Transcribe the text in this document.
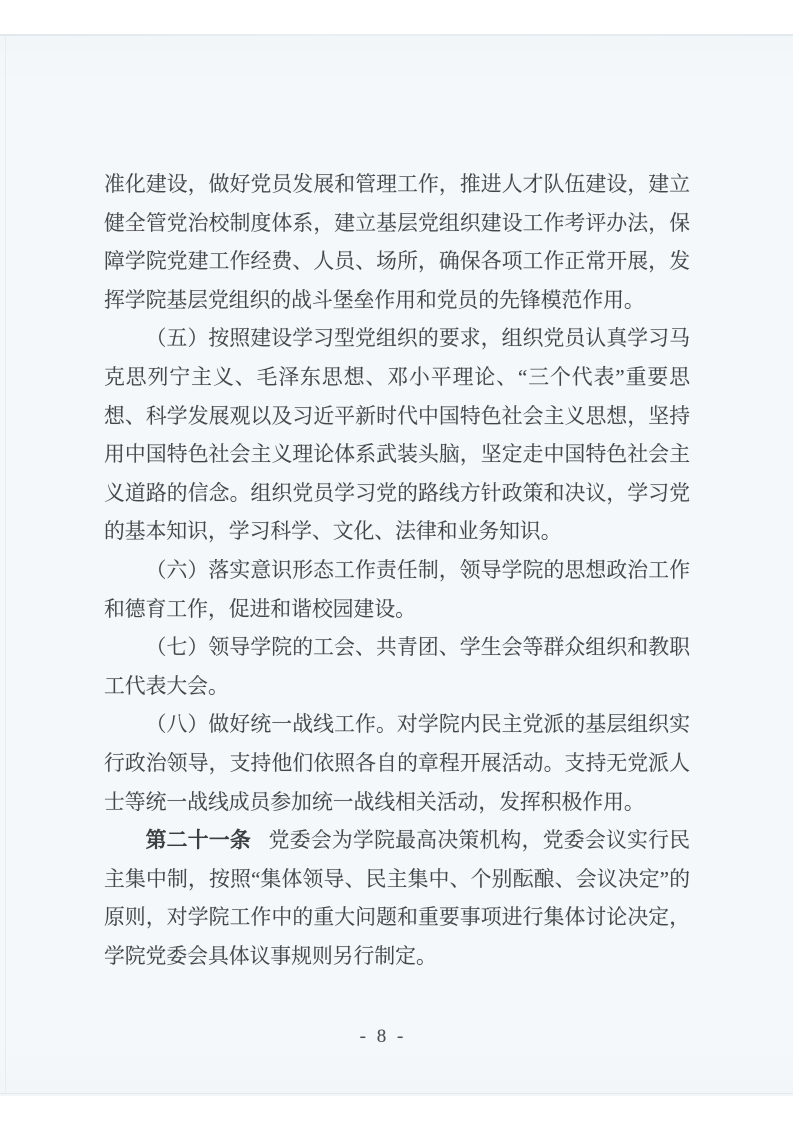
准化建设，做好党员发展和管理工作，推进人才队伍建设，建立健全管党治校制度体系，建立基层党组织建设工作考评办法，保障学院党建工作经费、人员、场所，确保各项工作正常开展，发挥学院基层党组织的战斗堡垒作用和党员的先锋模范作用。

（五）按照建设学习型党组织的要求，组织党员认真学习马克思列宁主义、毛泽东思想、邓小平理论、“三个代表”重要思想、科学发展观以及习近平新时代中国特色社会主义思想，坚持用中国特色社会主义理论体系武装头脑，坚定走中国特色社会主义道路的信念。组织党员学习党的路线方针政策和决议，学习党的基本知识，学习科学、文化、法律和业务知识。

（六）落实意识形态工作责任制，领导学院的思想政治工作和德育工作，促进和谐校园建设。

（七）领导学院的工会、共青团、学生会等群众组织和教职工代表大会。

（八）做好统一战线工作。对学院内民主党派的基层组织实行政治领导，支持他们依照各自的章程开展活动。支持无党派人士等统一战线成员参加统一战线相关活动，发挥积极作用。

第二十一条 党委会为学院最高决策机构，党委会议实行民主集中制，按照“集体领导、民主集中、个别酝酿、会议决定”的原则，对学院工作中的重大问题和重要事项进行集体讨论决定，学院党委会具体议事规则另行制定。

- 8 -
